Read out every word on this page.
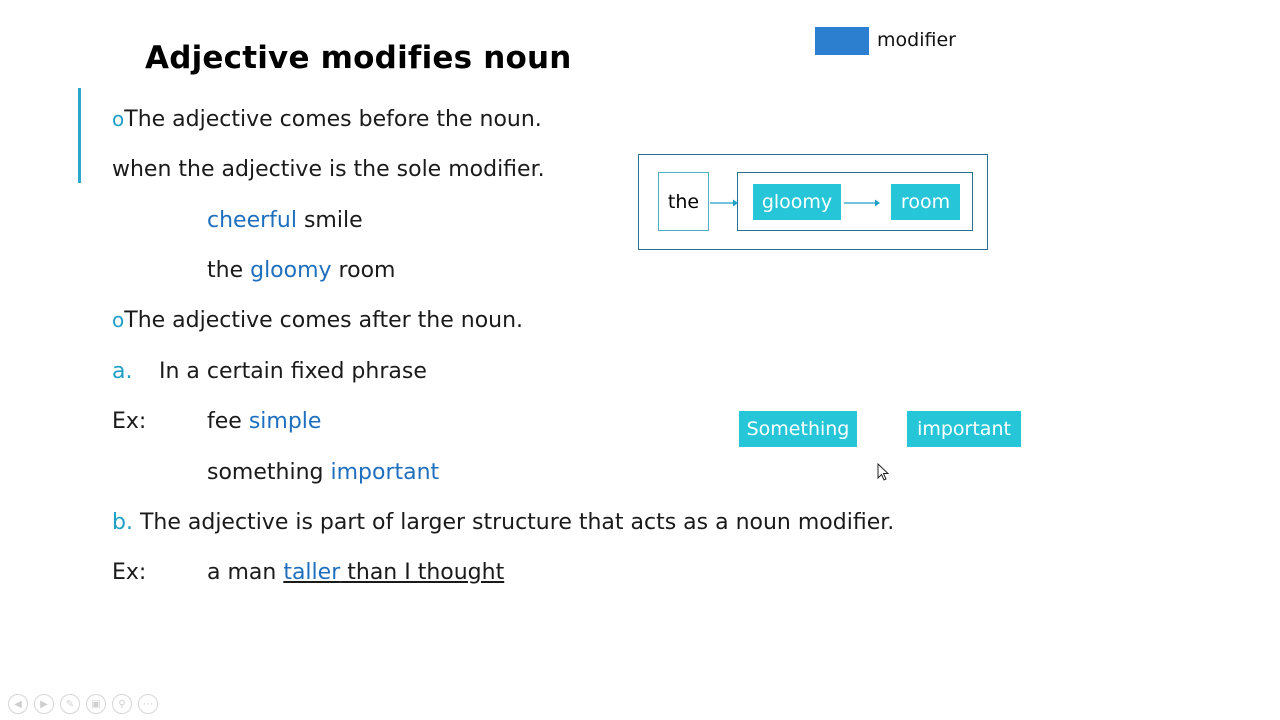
Adjective modifies noun	modifier
oThe adjective comes before the noun.
when the adjective is the sole modifier.
cheerful smile
the gloomy room
oThe adjective comes after the noun.
a. In a certain fixed phrase
Ex:	fee simple
something important
b. The adjective is part of larger structure that acts as a noun modifier.
Ex:	a man taller than I thought
the	gloomy	room
Something	important
◀	▶	✎	▣	⚲	⋯
